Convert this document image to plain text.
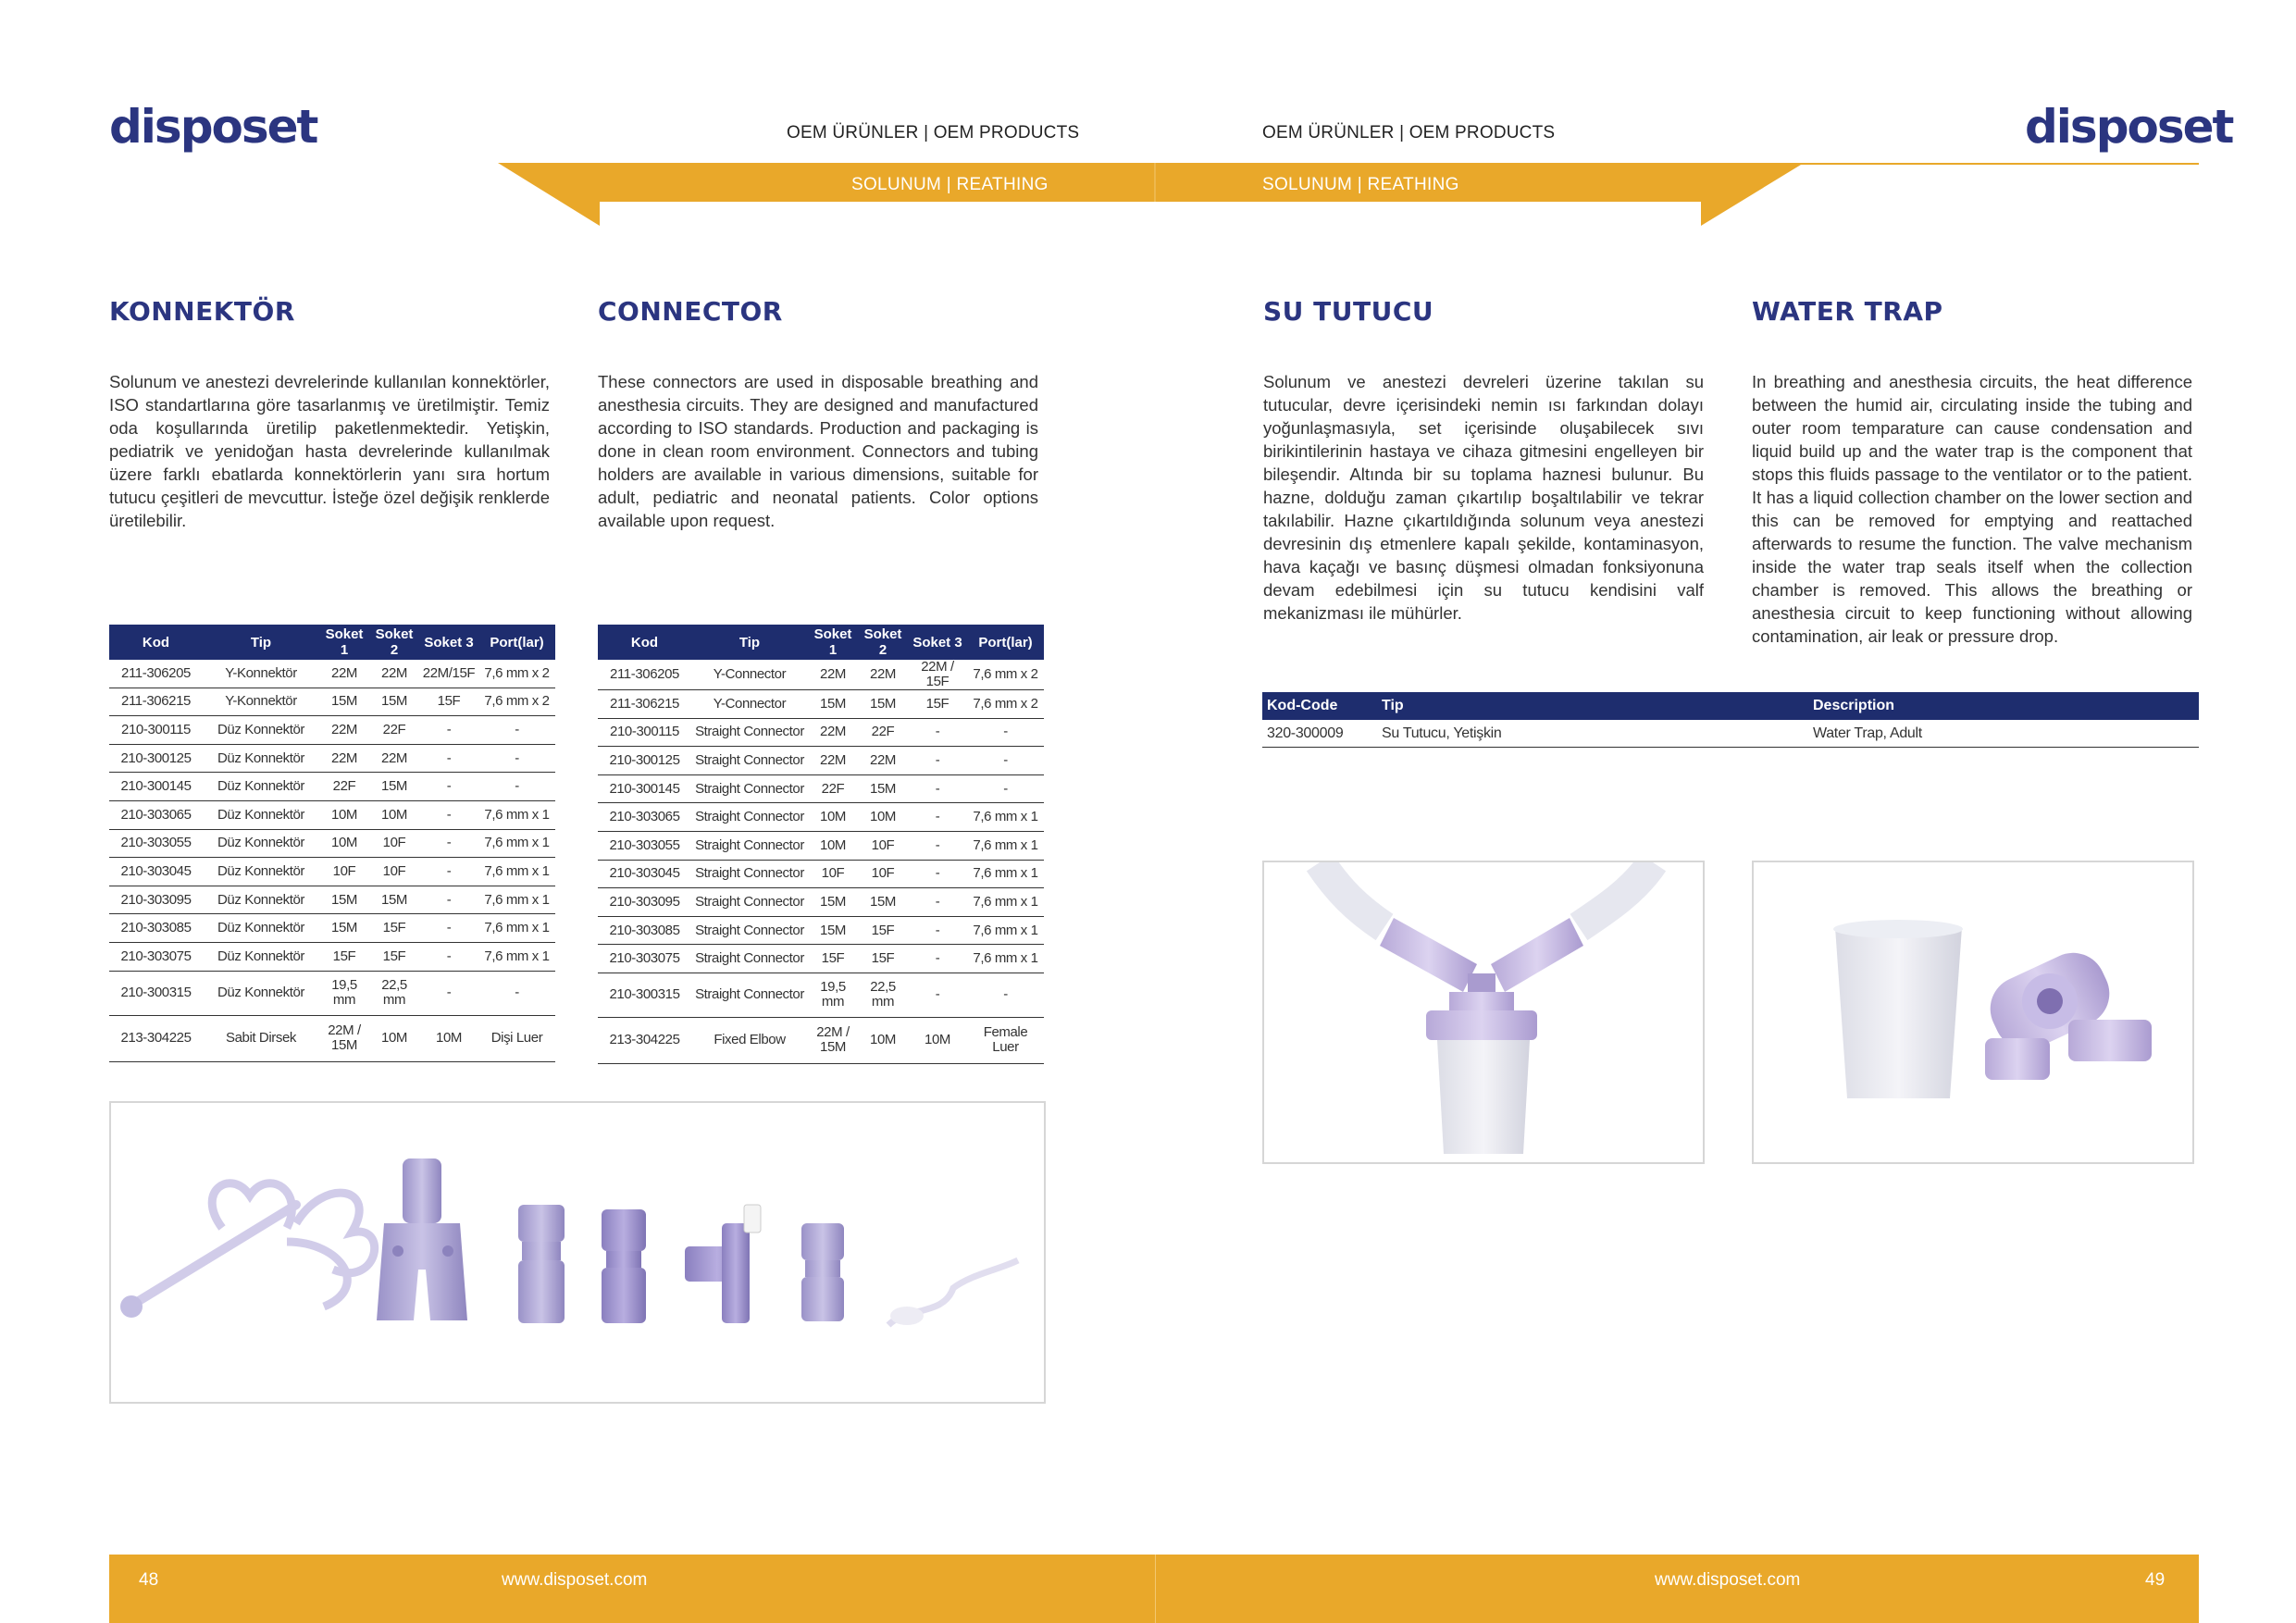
disposet	disposet
OEM ÜRÜNLER | OEM PRODUCTS	OEM ÜRÜNLER | OEM PRODUCTS
SOLUNUM | REATHING	SOLUNUM | REATHING
KONNEKTÖR	CONNECTOR
Solunum ve anestezi devrelerinde kullanılan konnektörler, ISO standartlarına göre tasarlanmış ve üretilmiştir. Temiz oda koşullarında üretilip paketlenmektedir. Yetişkin, pediatrik ve yenidoğan hasta devrelerinde kullanılmak üzere farklı ebatlarda konnektörlerin yanı sıra hortum tutucu çeşitleri de mevcuttur. İsteğe özel değişik renklerde üretilebilir.
These connectors are used in disposable breathing and anesthesia circuits. They are designed and manufactured according to ISO standards. Production and packaging is done in clean room environment. Connectors and tubing holders are available in various dimensions, suitable for adult, pediatric and neonatal patients. Color options available upon request.
Kod	Tip	Soket 1	Soket 2	Soket 3	Port(lar)
211-306205	Y-Konnektör	22M	22M	22M/15F	7,6 mm x 2
211-306215	Y-Konnektör	15M	15M	15F	7,6 mm x 2
210-300115	Düz Konnektör	22M	22F	-	-
210-300125	Düz Konnektör	22M	22M	-	-
210-300145	Düz Konnektör	22F	15M	-	-
210-303065	Düz Konnektör	10M	10M	-	7,6 mm x 1
210-303055	Düz Konnektör	10M	10F	-	7,6 mm x 1
210-303045	Düz Konnektör	10F	10F	-	7,6 mm x 1
210-303095	Düz Konnektör	15M	15M	-	7,6 mm x 1
210-303085	Düz Konnektör	15M	15F	-	7,6 mm x 1
210-303075	Düz Konnektör	15F	15F	-	7,6 mm x 1
210-300315	Düz Konnektör	19,5 mm	22,5 mm	-	-
213-304225	Sabit Dirsek	22M / 15M	10M	10M	Dişi Luer
Kod	Tip	Soket 1	Soket 2	Soket 3	Port(lar)
211-306205	Y-Connector	22M	22M	22M / 15F	7,6 mm x 2
211-306215	Y-Connector	15M	15M	15F	7,6 mm x 2
210-300115	Straight Connector	22M	22F	-	-
210-300125	Straight Connector	22M	22M	-	-
210-300145	Straight Connector	22F	15M	-	-
210-303065	Straight Connector	10M	10M	-	7,6 mm x 1
210-303055	Straight Connector	10M	10F	-	7,6 mm x 1
210-303045	Straight Connector	10F	10F	-	7,6 mm x 1
210-303095	Straight Connector	15M	15M	-	7,6 mm x 1
210-303085	Straight Connector	15M	15F	-	7,6 mm x 1
210-303075	Straight Connector	15F	15F	-	7,6 mm x 1
210-300315	Straight Connector	19,5 mm	22,5 mm	-	-
213-304225	Fixed Elbow	22M / 15M	10M	10M	Female Luer
SU TUTUCU	WATER TRAP
Solunum ve anestezi devreleri üzerine takılan su tutucular, devre içerisindeki nemin ısı farkından dolayı yoğunlaşmasıyla, set içerisinde oluşabilecek sıvı birikintilerinin hastaya ve cihaza gitmesini engelleyen bir bileşendir. Altında bir su toplama haznesi bulunur. Bu hazne, dolduğu zaman çıkartılıp boşaltılabilir ve tekrar takılabilir. Hazne çıkartıldığında solunum veya anestezi devresinin dış etmenlere kapalı şekilde, kontaminasyon, hava kaçağı ve basınç düşmesi olmadan fonksiyonuna devam edebilmesi için su tutucu kendisini valf mekanizması ile mühürler.
In breathing and anesthesia circuits, the heat difference between the humid air, circulating inside the tubing and outer room temparature can cause condensation and liquid build up and the water trap is the component that stops this fluids passage to the ventilator or to the patient. It has a liquid collection chamber on the lower section and this can be removed for emptying and reattached afterwards to resume the function. The valve mechanism inside the water trap seals itself when the collection chamber is removed. This allows the breathing or anesthesia circuit to keep functioning without allowing contamination, air leak or pressure drop.
Kod-Code	Tip	Description
320-300009	Su Tutucu, Yetişkin	Water Trap, Adult
48	www.disposet.com	www.disposet.com	49
